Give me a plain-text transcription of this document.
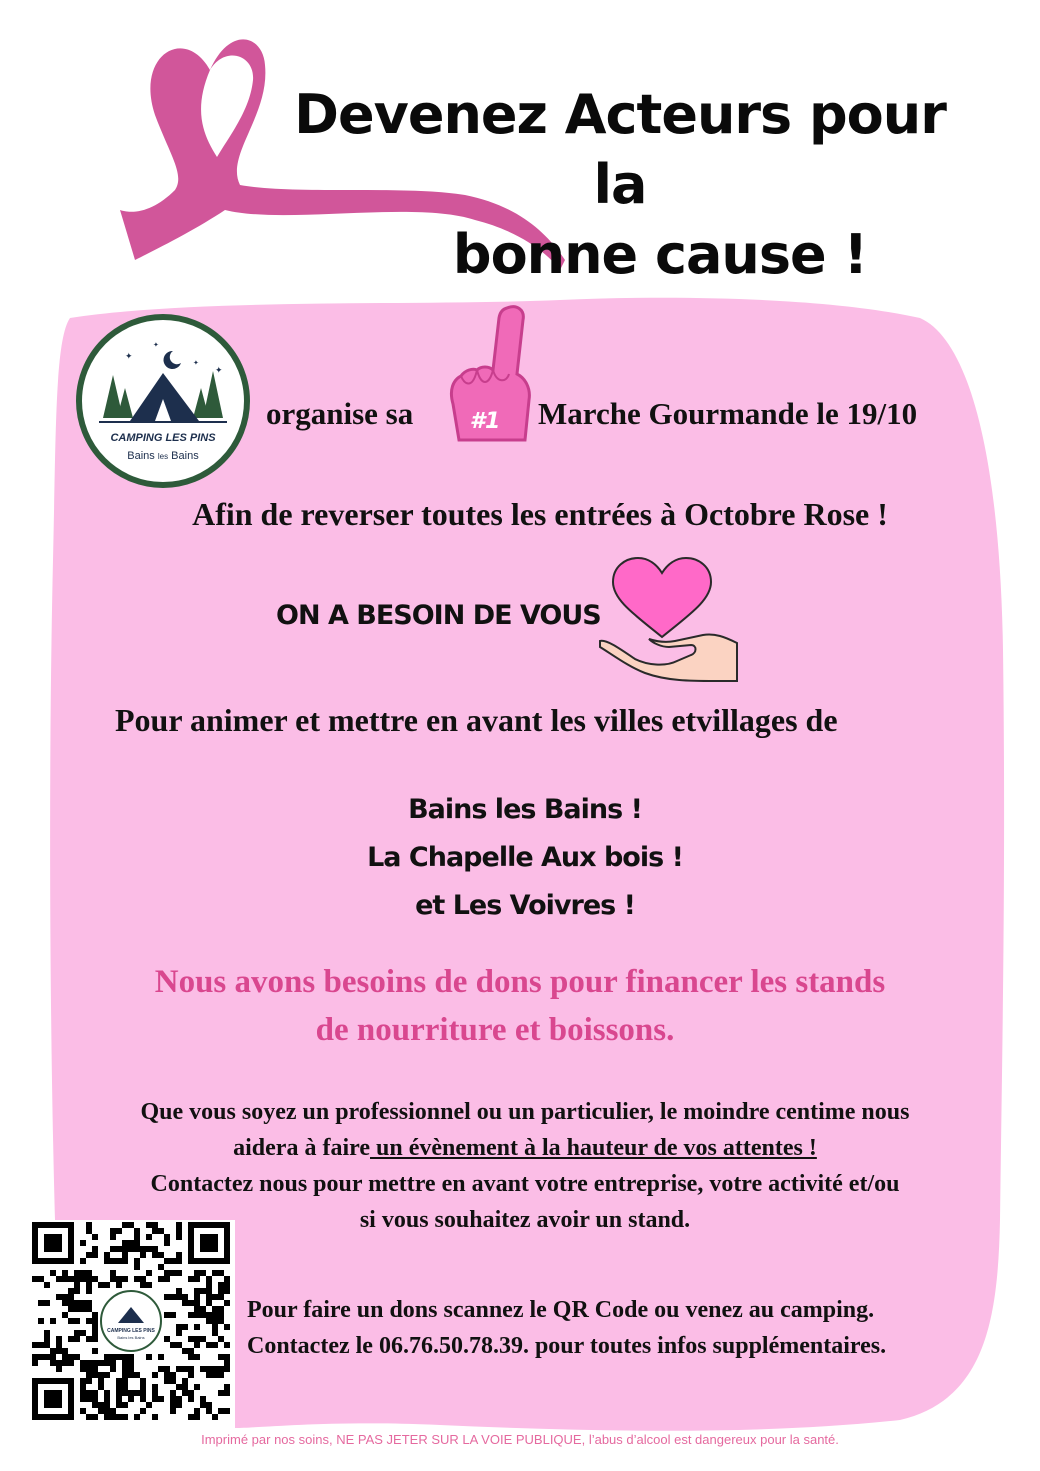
Devenez Acteurs pour la
bonne cause !
✦
✦
✦
✦
CAMPING LES PINS
Bains les Bains
organise sa	#1 Marche Gourmande le 19/10
Afin de reverser toutes les entrées à Octobre Rose !
ON A BESOIN DE VOUS
Pour animer et mettre en avant les villes etvillages de
Bains les Bains !
La Chapelle Aux bois !
et Les Voivres !
Nous avons besoins de dons pour financer les stands
de nourriture et boissons.
Que vous soyez un professionnel ou un particulier, le moindre centime nous
aidera à faire un évènement à la hauteur de vos attentes !
Contactez nous pour mettre en avant votre entreprise, votre activité et/ou
si vous souhaitez avoir un stand.
CAMPING LES PINS
Bains les Bains
Pour faire un dons scannez le QR Code ou venez au camping.
Contactez le 06.76.50.78.39. pour toutes infos supplémentaires.
Imprimé par nos soins, NE PAS JETER SUR LA VOIE PUBLIQUE, l’abus d’alcool est dangereux pour la santé.
